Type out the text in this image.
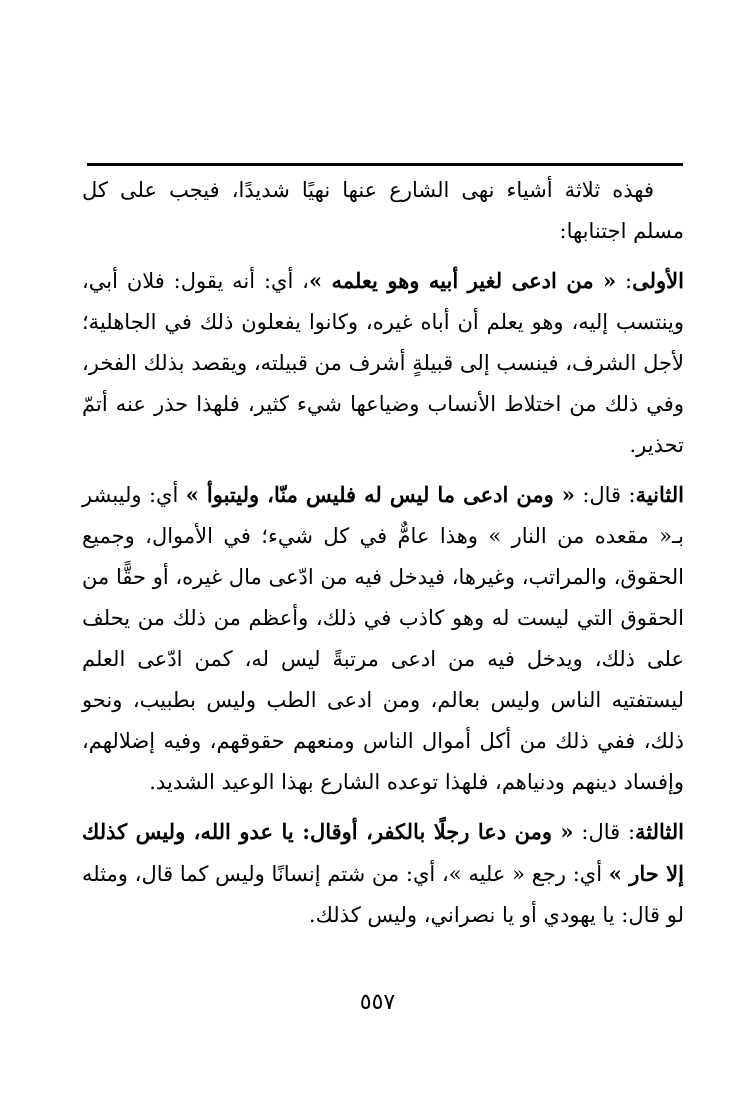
فهذه ثلاثة أشياء نهى الشارع عنها نهيًا شديدًا، فيجب على كل مسلم اجتنابها:

الأولى: « من ادعى لغير أبيه وهو يعلمه »، أي: أنه يقول: فلان أبي، وينتسب إليه، وهو يعلم أن أباه غيره، وكانوا يفعلون ذلك في الجاهلية؛ لأجل الشرف، فينسب إلى قبيلةٍ أشرف من قبيلته، ويقصد بذلك الفخر، وفي ذلك من اختلاط الأنساب وضياعها شيء كثير، فلهذا حذر عنه أتمّ تحذير.

الثانية: قال: « ومن ادعى ما ليس له فليس منّا، وليتبوأ » أي: وليبشر بـ« مقعده من النار » وهذا عامٌّ في كل شيء؛ في الأموال، وجميع الحقوق، والمراتب، وغيرها، فيدخل فيه من ادّعى مال غيره، أو حقًّا من الحقوق التي ليست له وهو كاذب في ذلك، وأعظم من ذلك من يحلف على ذلك، ويدخل فيه من ادعى مرتبةً ليس له، كمن ادّعى العلم ليستفتيه الناس وليس بعالم، ومن ادعى الطب وليس بطبيب، ونحو ذلك، ففي ذلك من أكل أموال الناس ومنعهم حقوقهم، وفيه إضلالهم، وإفساد دينهم ودنياهم، فلهذا توعده الشارع بهذا الوعيد الشديد.

الثالثة: قال: « ومن دعا رجلًا بالكفر، أوقال: يا عدو الله، وليس كذلك إلا حار » أي: رجع « عليه »، أي: من شتم إنسانًا وليس كما قال، ومثله لو قال: يا يهودي أو يا نصراني، وليس كذلك.

٥٥٧
